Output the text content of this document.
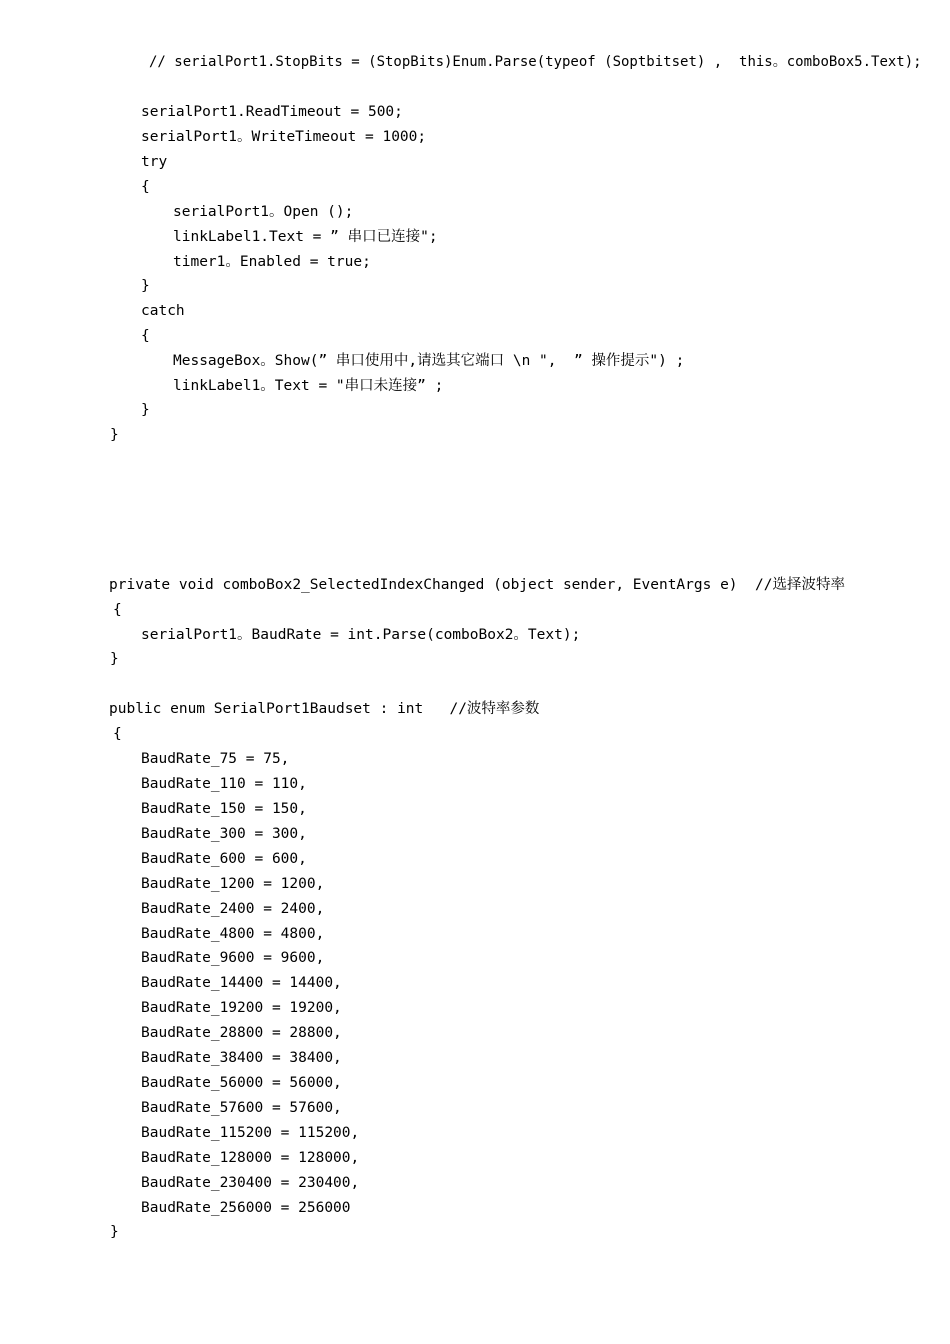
// serialPort1.StopBits = (StopBits)Enum.Parse(typeof (Soptbitset) ,  this。comboBox5.Text);
serialPort1.ReadTimeout = 500;
serialPort1。WriteTimeout = 1000;
try
{
serialPort1。Open ();
linkLabel1.Text = ” 串口已连接";
timer1。Enabled = true;
}
catch
{
MessageBox。Show(” 串口使用中,请选其它端口 \n ",  ” 操作提示") ;
linkLabel1。Text = "串口未连接” ;
}
}
private void comboBox2_SelectedIndexChanged (object sender, EventArgs e)  //选择波特率
{
serialPort1。BaudRate = int.Parse(comboBox2。Text);
}
public enum SerialPort1Baudset : int   //波特率参数
{
BaudRate_75 = 75,
BaudRate_110 = 110,
BaudRate_150 = 150,
BaudRate_300 = 300,
BaudRate_600 = 600,
BaudRate_1200 = 1200,
BaudRate_2400 = 2400,
BaudRate_4800 = 4800,
BaudRate_9600 = 9600,
BaudRate_14400 = 14400,
BaudRate_19200 = 19200,
BaudRate_28800 = 28800,
BaudRate_38400 = 38400,
BaudRate_56000 = 56000,
BaudRate_57600 = 57600,
BaudRate_115200 = 115200,
BaudRate_128000 = 128000,
BaudRate_230400 = 230400,
BaudRate_256000 = 256000
}
